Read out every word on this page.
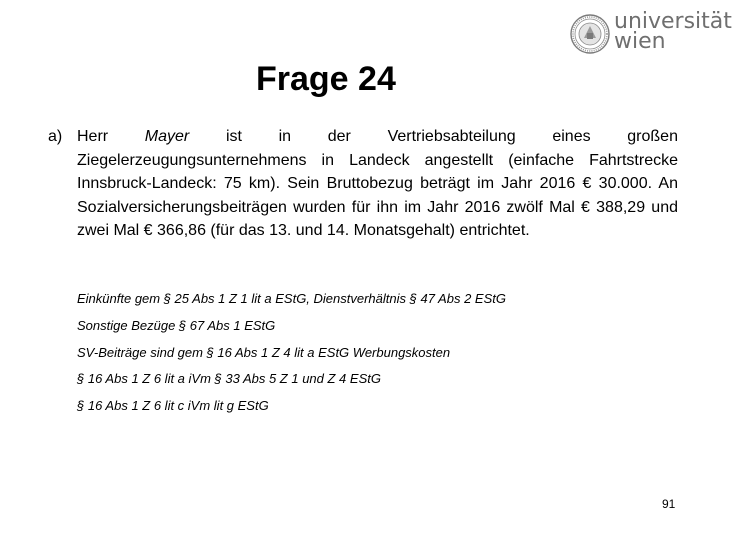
universität
wien
Frage 24
a) Herr Mayer ist in der Vertriebsabteilung eines großen Ziegelerzeugungsunternehmens in Landeck angestellt (einfache Fahrtstrecke Innsbruck-Landeck: 75 km). Sein Bruttobezug beträgt im Jahr 2016 € 30.000. An Sozialversicherungsbeiträgen wurden für ihn im Jahr 2016 zwölf Mal € 388,29 und zwei Mal € 366,86 (für das 13. und 14. Monatsgehalt) entrichtet.
Einkünfte gem § 25 Abs 1 Z 1 lit a EStG, Dienstverhältnis § 47 Abs 2 EStG
Sonstige Bezüge § 67 Abs 1 EStG
SV-Beiträge sind gem § 16 Abs 1 Z 4 lit a EStG Werbungskosten
§ 16 Abs 1 Z 6 lit a iVm § 33 Abs 5 Z 1 und Z 4 EStG
§ 16 Abs 1 Z 6 lit c iVm lit g EStG
91
